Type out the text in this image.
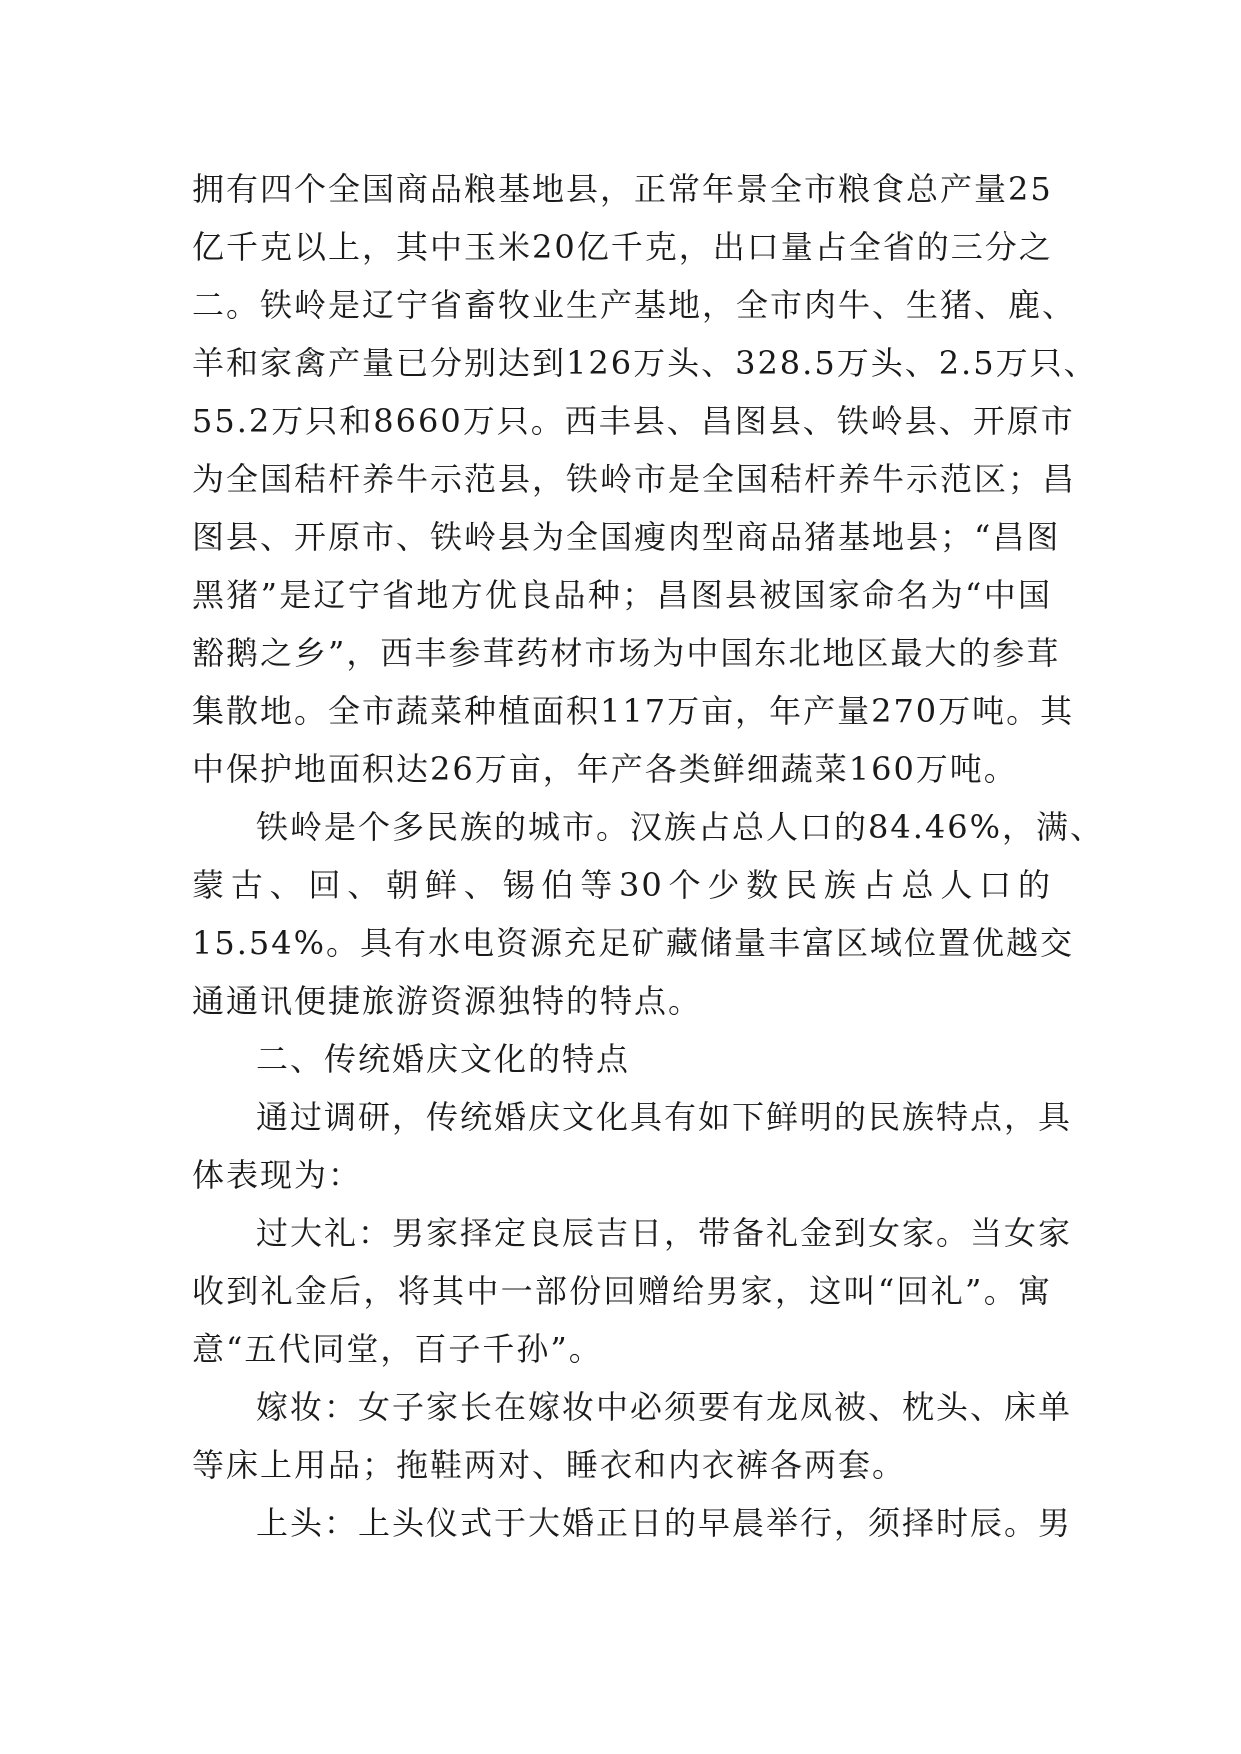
拥有四个全国商品粮基地县，正常年景全市粮食总产量25
亿千克以上，其中玉米20亿千克，出口量占全省的三分之
二。铁岭是辽宁省畜牧业生产基地，全市肉牛、生猪、鹿、
羊和家禽产量已分别达到126万头、328.5万头、2.5万只、
55.2万只和8660万只。西丰县、昌图县、铁岭县、开原市
为全国秸杆养牛示范县，铁岭市是全国秸杆养牛示范区；昌
图县、开原市、铁岭县为全国瘦肉型商品猪基地县；“昌图
黑猪”是辽宁省地方优良品种；昌图县被国家命名为“中国
豁鹅之乡”，西丰参茸药材市场为中国东北地区最大的参茸
集散地。全市蔬菜种植面积117万亩，年产量270万吨。其
中保护地面积达26万亩，年产各类鲜细蔬菜160万吨。
铁岭是个多民族的城市。汉族占总人口的84.46%，满、
蒙古、回、朝鲜、锡伯等30个少数民族占总人口的
15.54%。具有水电资源充足矿藏储量丰富区域位置优越交
通通讯便捷旅游资源独特的特点。
二、传统婚庆文化的特点
通过调研，传统婚庆文化具有如下鲜明的民族特点，具
体表现为：
过大礼：男家择定良辰吉日，带备礼金到女家。当女家
收到礼金后，将其中一部份回赠给男家，这叫“回礼”。寓
意“五代同堂，百子千孙”。
嫁妆：女子家长在嫁妆中必须要有龙凤被、枕头、床单
等床上用品；拖鞋两对、睡衣和内衣裤各两套。
上头：上头仪式于大婚正日的早晨举行，须择时辰。男
